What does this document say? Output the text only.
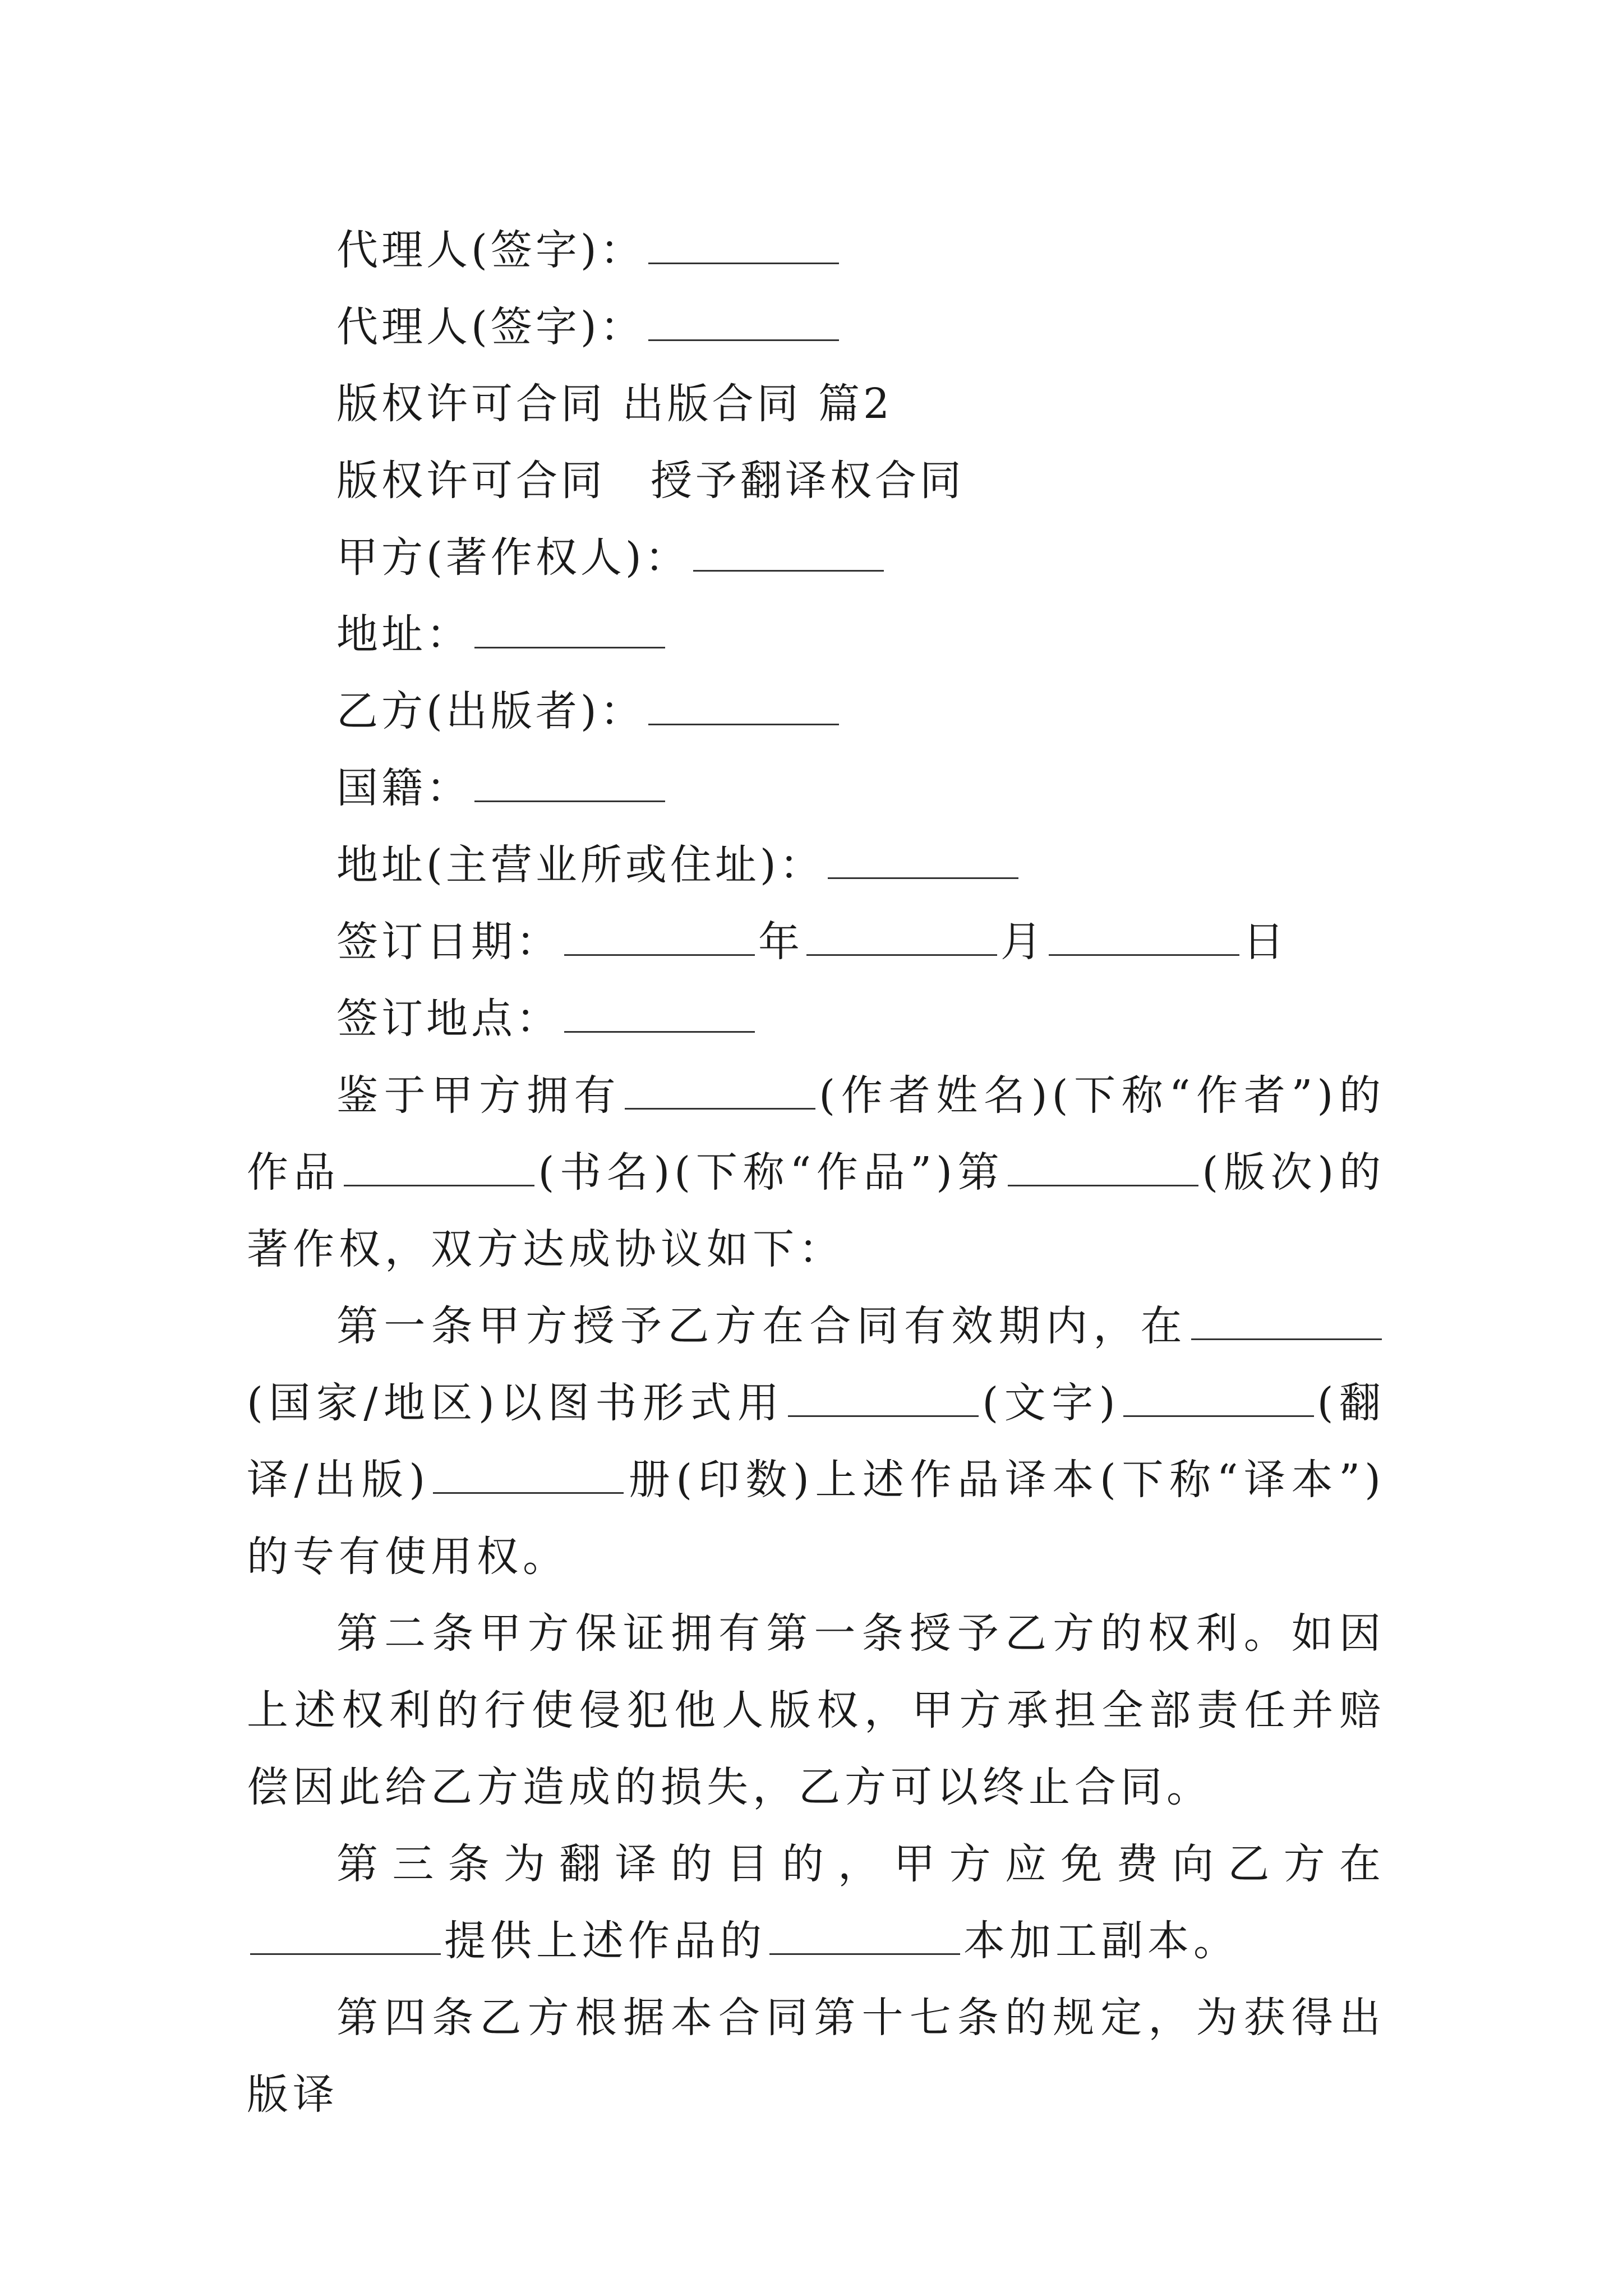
代理人(签字)：
代理人(签字)：
版权许可合同 出版合同 篇2
版权许可合同　授予翻译权合同
甲方(著作权人)：
地址：
乙方(出版者)：
国籍：
地址(主营业所或住址)：
签订日期：	年	月	日
签订地点：

鉴于甲方拥有	(作者姓名)(下称“作者”)的作品	(书名)(下称“作品”)第	(版次)的著作权，双方达成协议如下：

第一条甲方授予乙方在合同有效期内，在(国家/地区)以图书形式用	(文字)	(翻译/出版)	册(印数)上述作品译本(下称“译本”)的专有使用权。

第二条甲方保证拥有第一条授予乙方的权利。如因上述权利的行使侵犯他人版权，甲方承担全部责任并赔偿因此给乙方造成的损失，乙方可以终止合同。

第三条为翻译的目的，甲方应免费向乙方在提供上述作品的	本加工副本。

第四条乙方根据本合同第十七条的规定，为获得出版译
